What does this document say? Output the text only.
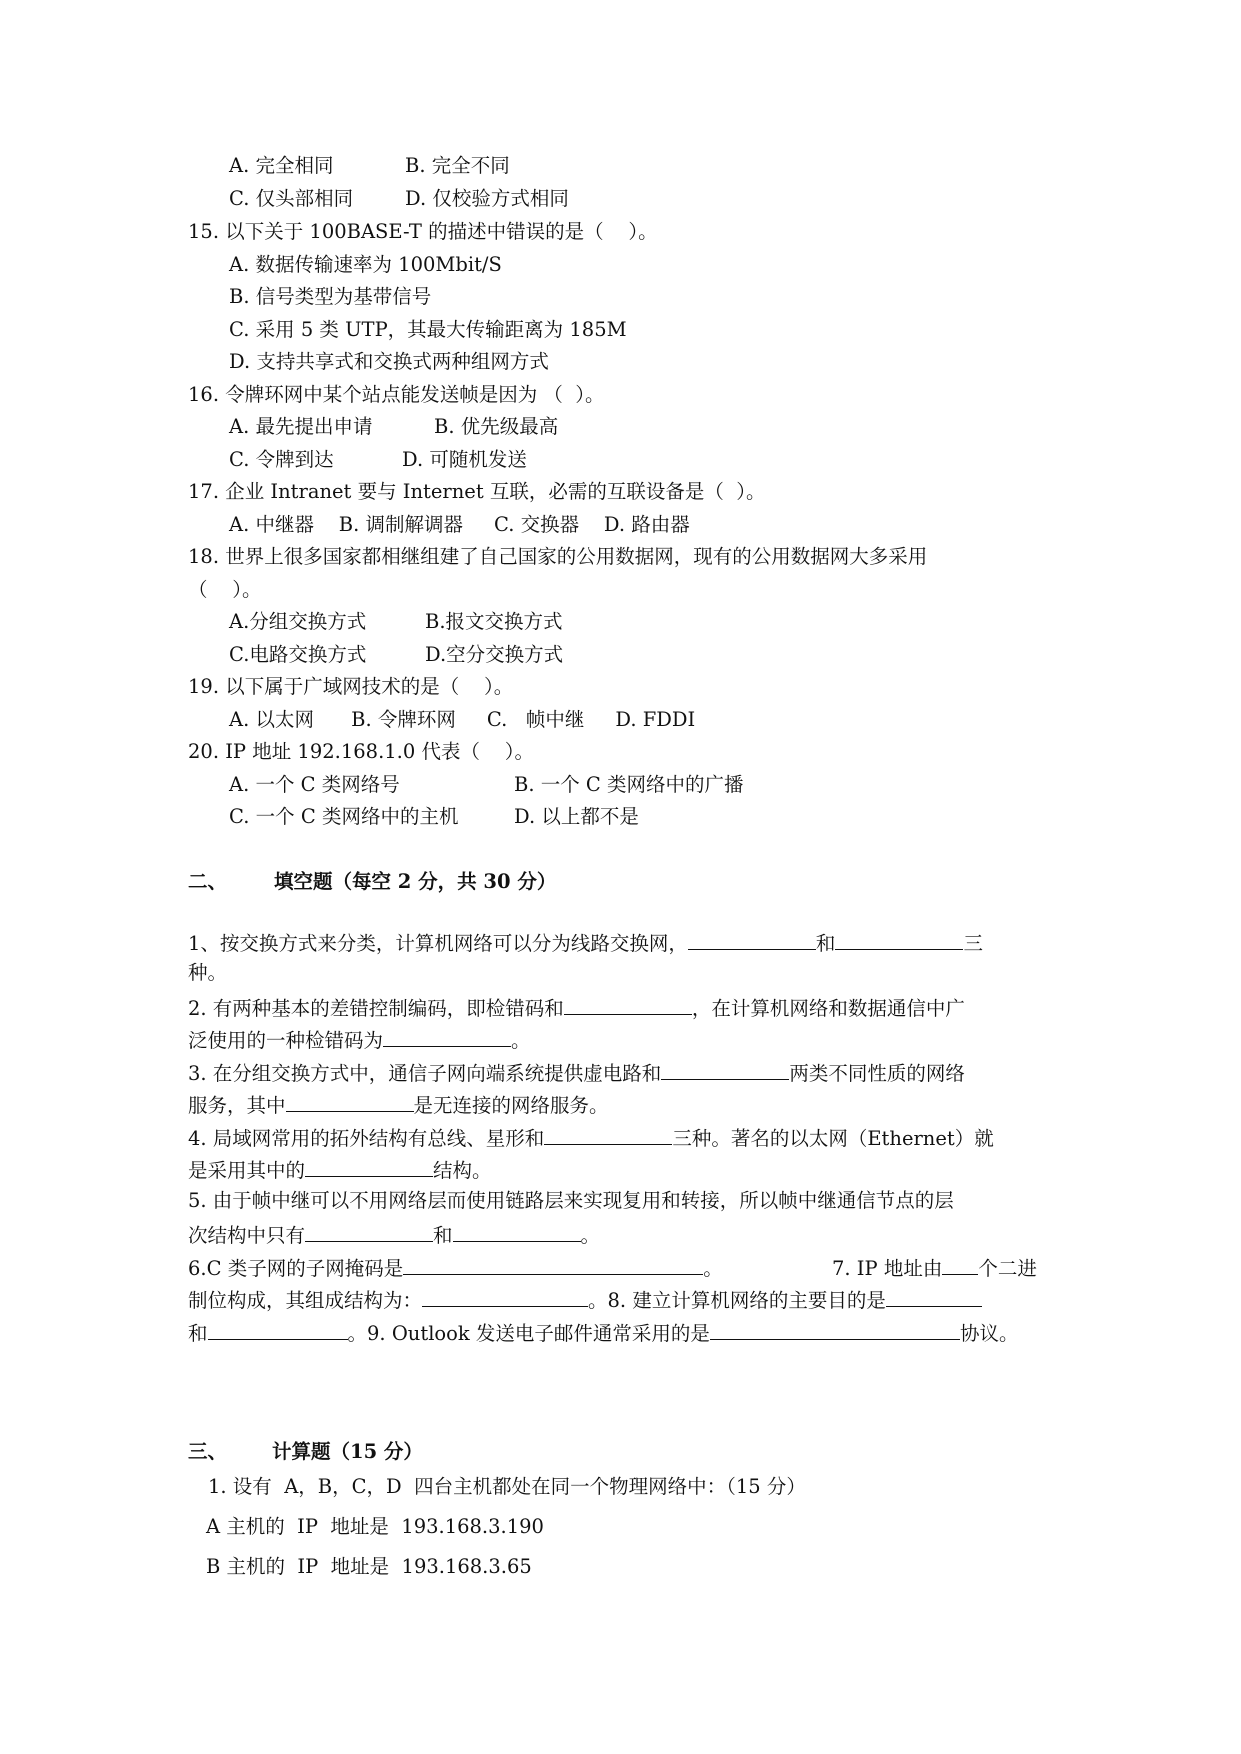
A. 完全相同	B. 完全不同
C. 仅头部相同	D. 仅校验方式相同
15. 以下关于 100BASE-T 的描述中错误的是（    ）。
A. 数据传输速率为 100Mbit/S
B. 信号类型为基带信号
C. 采用 5 类 UTP，其最大传输距离为 185M
D. 支持共享式和交换式两种组网方式
16. 令牌环网中某个站点能发送帧是因为 （  ）。
A. 最先提出申请	B. 优先级最高
C. 令牌到达	D. 可随机发送
17. 企业 Intranet 要与 Internet 互联，必需的互联设备是（  ）。
A. 中继器    B. 调制解调器     C. 交换器    D. 路由器
18. 世界上很多国家都相继组建了自己国家的公用数据网，现有的公用数据网大多采用
（    ）。
A.分组交换方式	B.报文交换方式
C.电路交换方式	D.空分交换方式
19. 以下属于广域网技术的是（    ）。
A. 以太网      B. 令牌环网     C.   帧中继     D. FDDI
20. IP 地址 192.168.1.0 代表（    ）。
A. 一个 C 类网络号	B. 一个 C 类网络中的广播
C. 一个 C 类网络中的主机	D. 以上都不是
二、 填空题（每空 2 分，共 30 分）
1、按交换方式来分类，计算机网络可以分为线路交换网，	和	三
种。
2. 有两种基本的差错控制编码，即检错码和	，在计算机网络和数据通信中广
泛使用的一种检错码为	。
3. 在分组交换方式中，通信子网向端系统提供虚电路和	两类不同性质的网络
服务，其中	是无连接的网络服务。
4. 局域网常用的拓外结构有总线、星形和	三种。著名的以太网（Ethernet）就
是采用其中的	结构。
5. 由于帧中继可以不用网络层而使用链路层来实现复用和转接，所以帧中继通信节点的层
次结构中只有	和	。
6.C 类子网的子网掩码是	。	7. IP 地址由 个二进
制位构成，其组成结构为：	。8. 建立计算机网络的主要目的是
和	。9. Outlook 发送电子邮件通常采用的是	协议。
三、 计算题（15 分）
1. 设有  A，B，C，D  四台主机都处在同一个物理网络中：（15 分）
A 主机的  IP  地址是  193.168.3.190
B 主机的  IP  地址是  193.168.3.65
